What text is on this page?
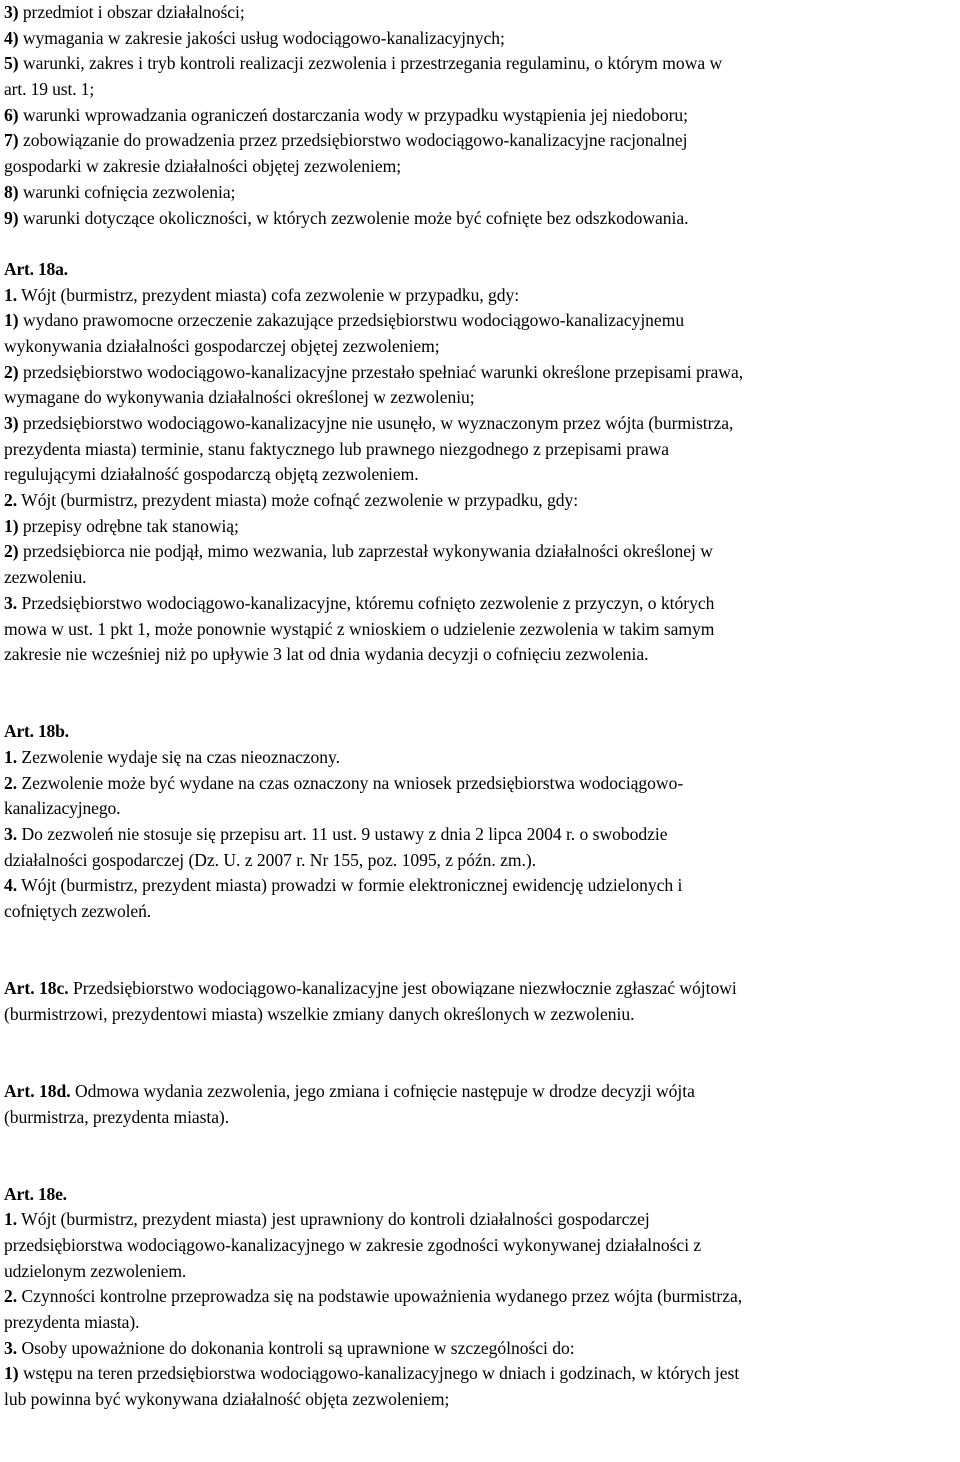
3) przedmiot i obszar działalności;
4) wymagania w zakresie jakości usług wodociągowo-kanalizacyjnych;
5) warunki, zakres i tryb kontroli realizacji zezwolenia i przestrzegania regulaminu, o którym mowa w
art. 19 ust. 1;
6) warunki wprowadzania ograniczeń dostarczania wody w przypadku wystąpienia jej niedoboru;
7) zobowiązanie do prowadzenia przez przedsiębiorstwo wodociągowo-kanalizacyjne racjonalnej
gospodarki w zakresie działalności objętej zezwoleniem;
8) warunki cofnięcia zezwolenia;
9) warunki dotyczące okoliczności, w których zezwolenie może być cofnięte bez odszkodowania.
Art. 18a.
1. Wójt (burmistrz, prezydent miasta) cofa zezwolenie w przypadku, gdy:
1) wydano prawomocne orzeczenie zakazujące przedsiębiorstwu wodociągowo-kanalizacyjnemu
wykonywania działalności gospodarczej objętej zezwoleniem;
2) przedsiębiorstwo wodociągowo-kanalizacyjne przestało spełniać warunki określone przepisami prawa,
wymagane do wykonywania działalności określonej w zezwoleniu;
3) przedsiębiorstwo wodociągowo-kanalizacyjne nie usunęło, w wyznaczonym przez wójta (burmistrza,
prezydenta miasta) terminie, stanu faktycznego lub prawnego niezgodnego z przepisami prawa
regulującymi działalność gospodarczą objętą zezwoleniem.
2. Wójt (burmistrz, prezydent miasta) może cofnąć zezwolenie w przypadku, gdy:
1) przepisy odrębne tak stanowią;
2) przedsiębiorca nie podjął, mimo wezwania, lub zaprzestał wykonywania działalności określonej w
zezwoleniu.
3. Przedsiębiorstwo wodociągowo-kanalizacyjne, któremu cofnięto zezwolenie z przyczyn, o których
mowa w ust. 1 pkt 1, może ponownie wystąpić z wnioskiem o udzielenie zezwolenia w takim samym
zakresie nie wcześniej niż po upływie 3 lat od dnia wydania decyzji o cofnięciu zezwolenia.
Art. 18b.
1. Zezwolenie wydaje się na czas nieoznaczony.
2. Zezwolenie może być wydane na czas oznaczony na wniosek przedsiębiorstwa wodociągowo-
kanalizacyjnego.
3. Do zezwoleń nie stosuje się przepisu art. 11 ust. 9 ustawy z dnia 2 lipca 2004 r. o swobodzie
działalności gospodarczej (Dz. U. z 2007 r. Nr 155, poz. 1095, z późn. zm.).
4. Wójt (burmistrz, prezydent miasta) prowadzi w formie elektronicznej ewidencję udzielonych i
cofniętych zezwoleń.
Art. 18c. Przedsiębiorstwo wodociągowo-kanalizacyjne jest obowiązane niezwłocznie zgłaszać wójtowi
(burmistrzowi, prezydentowi miasta) wszelkie zmiany danych określonych w zezwoleniu.
Art. 18d. Odmowa wydania zezwolenia, jego zmiana i cofnięcie następuje w drodze decyzji wójta
(burmistrza, prezydenta miasta).
Art. 18e.
1. Wójt (burmistrz, prezydent miasta) jest uprawniony do kontroli działalności gospodarczej
przedsiębiorstwa wodociągowo-kanalizacyjnego w zakresie zgodności wykonywanej działalności z
udzielonym zezwoleniem.
2. Czynności kontrolne przeprowadza się na podstawie upoważnienia wydanego przez wójta (burmistrza,
prezydenta miasta).
3. Osoby upoważnione do dokonania kontroli są uprawnione w szczególności do:
1) wstępu na teren przedsiębiorstwa wodociągowo-kanalizacyjnego w dniach i godzinach, w których jest
lub powinna być wykonywana działalność objęta zezwoleniem;
